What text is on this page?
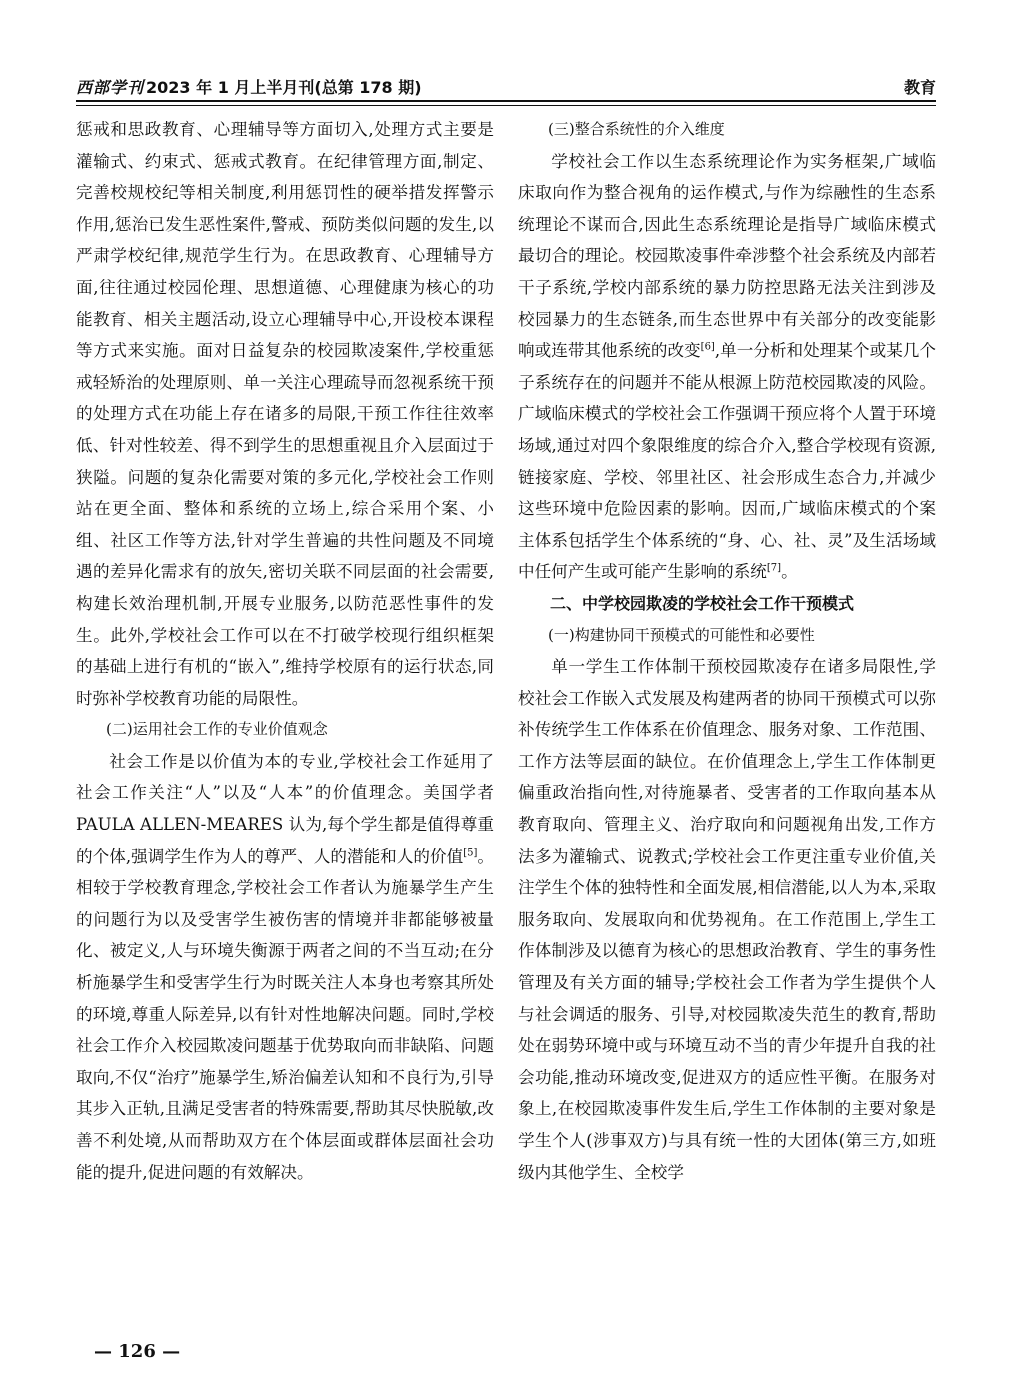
西部学刊 2023 年 1 月上半月刊(总第 178 期)	教育

惩戒和思政教育、心理辅导等方面切入,处理方式主要是灌输式、约束式、惩戒式教育。在纪律管理方面,制定、完善校规校纪等相关制度,利用惩罚性的硬举措发挥警示作用,惩治已发生恶性案件,警戒、预防类似问题的发生,以严肃学校纪律,规范学生行为。在思政教育、心理辅导方面,往往通过校园伦理、思想道德、心理健康为核心的功能教育、相关主题活动,设立心理辅导中心,开设校本课程等方式来实施。面对日益复杂的校园欺凌案件,学校重惩戒轻矫治的处理原则、单一关注心理疏导而忽视系统干预的处理方式在功能上存在诸多的局限,干预工作往往效率低、针对性较差、得不到学生的思想重视且介入层面过于狭隘。问题的复杂化需要对策的多元化,学校社会工作则站在更全面、整体和系统的立场上,综合采用个案、小组、社区工作等方法,针对学生普遍的共性问题及不同境遇的差异化需求有的放矢,密切关联不同层面的社会需要,构建长效治理机制,开展专业服务,以防范恶性事件的发生。此外,学校社会工作可以在不打破学校现行组织框架的基础上进行有机的“嵌入”,维持学校原有的运行状态,同时弥补学校教育功能的局限性。

(二)运用社会工作的专业价值观念

社会工作是以价值为本的专业,学校社会工作延用了社会工作关注“人”以及“人本”的价值理念。美国学者 PAULA ALLEN-MEARES 认为,每个学生都是值得尊重的个体,强调学生作为人的尊严、人的潜能和人的价值[5]。相较于学校教育理念,学校社会工作者认为施暴学生产生的问题行为以及受害学生被伤害的情境并非都能够被量化、被定义,人与环境失衡源于两者之间的不当互动;在分析施暴学生和受害学生行为时既关注人本身也考察其所处的环境,尊重人际差异,以有针对性地解决问题。同时,学校社会工作介入校园欺凌问题基于优势取向而非缺陷、问题取向,不仅“治疗”施暴学生,矫治偏差认知和不良行为,引导其步入正轨,且满足受害者的特殊需要,帮助其尽快脱敏,改善不利处境,从而帮助双方在个体层面或群体层面社会功能的提升,促进问题的有效解决。

(三)整合系统性的介入维度

学校社会工作以生态系统理论作为实务框架,广域临床取向作为整合视角的运作模式,与作为综融性的生态系统理论不谋而合,因此生态系统理论是指导广域临床模式最切合的理论。校园欺凌事件牵涉整个社会系统及内部若干子系统,学校内部系统的暴力防控思路无法关注到涉及校园暴力的生态链条,而生态世界中有关部分的改变能影响或连带其他系统的改变[6],单一分析和处理某个或某几个子系统存在的问题并不能从根源上防范校园欺凌的风险。广域临床模式的学校社会工作强调干预应将个人置于环境场域,通过对四个象限维度的综合介入,整合学校现有资源,链接家庭、学校、邻里社区、社会形成生态合力,并减少这些环境中危险因素的影响。因而,广域临床模式的个案主体系包括学生个体系统的“身、心、社、灵”及生活场域中任何产生或可能产生影响的系统[7]。

二、中学校园欺凌的学校社会工作干预模式
(一)构建协同干预模式的可能性和必要性

单一学生工作体制干预校园欺凌存在诸多局限性,学校社会工作嵌入式发展及构建两者的协同干预模式可以弥补传统学生工作体系在价值理念、服务对象、工作范围、工作方法等层面的缺位。在价值理念上,学生工作体制更偏重政治指向性,对待施暴者、受害者的工作取向基本从教育取向、管理主义、治疗取向和问题视角出发,工作方法多为灌输式、说教式;学校社会工作更注重专业价值,关注学生个体的独特性和全面发展,相信潜能,以人为本,采取服务取向、发展取向和优势视角。在工作范围上,学生工作体制涉及以德育为核心的思想政治教育、学生的事务性管理及有关方面的辅导;学校社会工作者为学生提供个人与社会调适的服务、引导,对校园欺凌失范生的教育,帮助处在弱势环境中或与环境互动不当的青少年提升自我的社会功能,推动环境改变,促进双方的适应性平衡。在服务对象上,在校园欺凌事件发生后,学生工作体制的主要对象是学生个人(涉事双方)与具有统一性的大团体(第三方,如班级内其他学生、全校学

— 126 —
